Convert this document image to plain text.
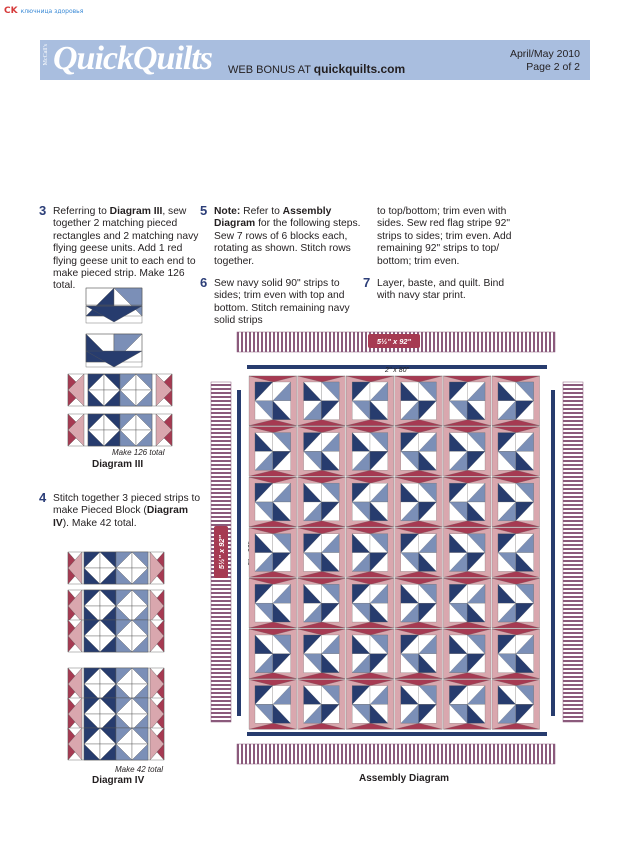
CK ключница здоровья
McCall's QuickQuilts WEB BONUS AT quickquilts.com
April/May 2010
Page 2 of 2
3 Referring to Diagram III, sew together 2 matching pieced rectangles and 2 matching navy flying geese units. Add 1 red flying geese unit to each end to make pieced strip. Make 126 total.
4 Stitch together 3 pieced strips to make Pieced Block (Diagram IV). Make 42 total.
5 Note: Refer to Assembly Diagram for the following steps. Sew 7 rows of 6 blocks each, rotating as shown. Stitch rows together.
6 Sew navy solid 90" strips to sides; trim even with top and bottom. Stitch remaining navy solid strips
to top/bottom; trim even with sides. Sew red flag stripe 92" strips to sides; trim even. Add remaining 92" strips to top/ bottom; trim even.
7 Layer, baste, and quilt. Bind with navy star print.
Make 126 total
Diagram III
Make 42 total
Diagram IV
5½" x 92"
5½" x 92"
2" x 80"
Assembly Diagram
